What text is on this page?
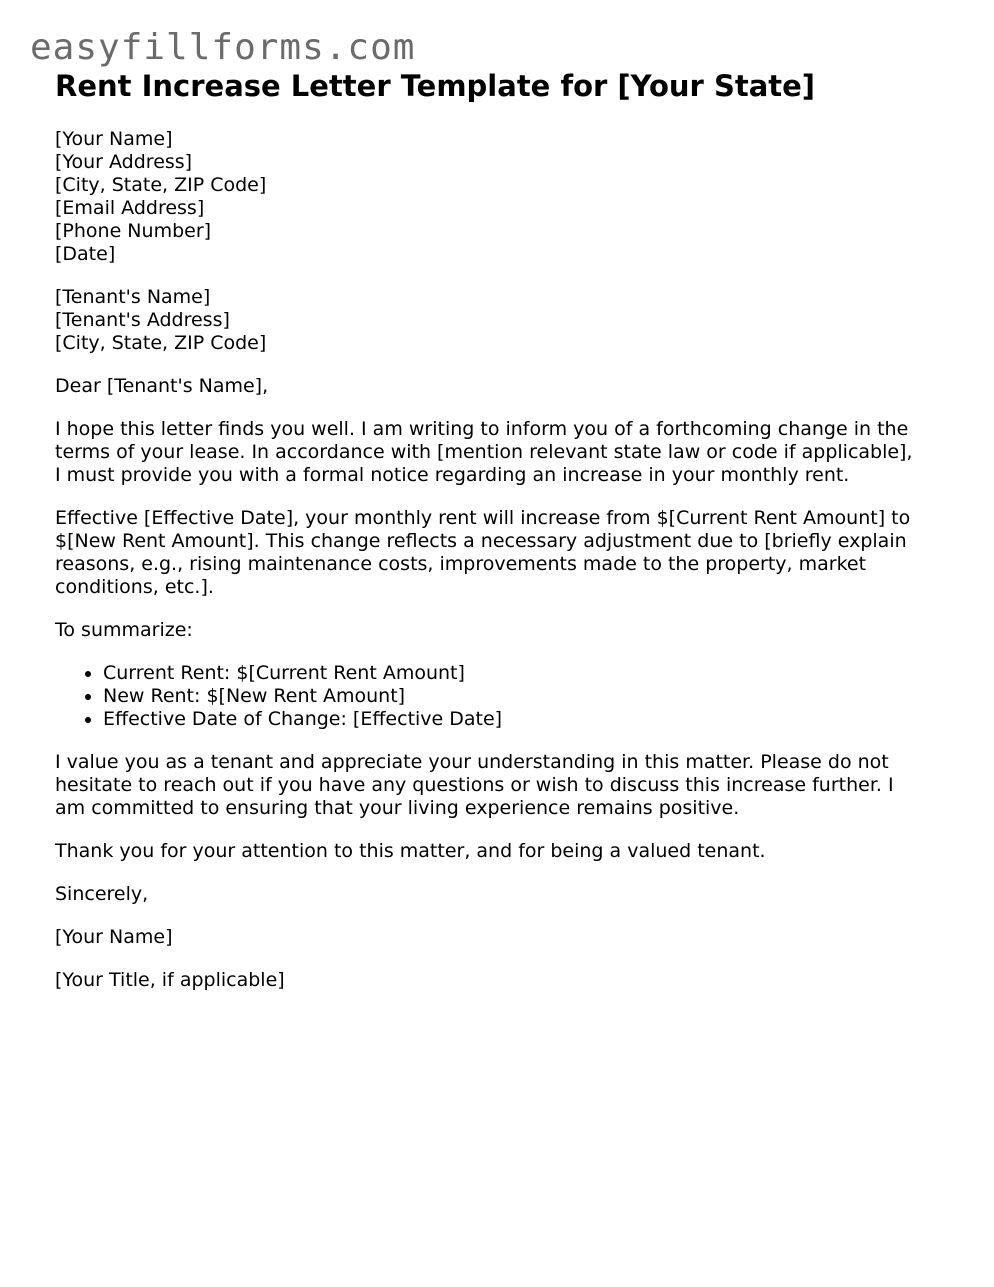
easyfillforms.com
Rent Increase Letter Template for [Your State]

[Your Name]
[Your Address]
[City, State, ZIP Code]
[Email Address]
[Phone Number]
[Date]

[Tenant's Name]
[Tenant's Address]
[City, State, ZIP Code]

Dear [Tenant's Name],

I hope this letter finds you well. I am writing to inform you of a forthcoming change in the
terms of your lease. In accordance with [mention relevant state law or code if applicable],
I must provide you with a formal notice regarding an increase in your monthly rent.

Effective [Effective Date], your monthly rent will increase from $[Current Rent Amount] to
$[New Rent Amount]. This change reflects a necessary adjustment due to [briefly explain
reasons, e.g., rising maintenance costs, improvements made to the property, market
conditions, etc.].

To summarize:

• Current Rent: $[Current Rent Amount]
• New Rent: $[New Rent Amount]
• Effective Date of Change: [Effective Date]

I value you as a tenant and appreciate your understanding in this matter. Please do not
hesitate to reach out if you have any questions or wish to discuss this increase further. I
am committed to ensuring that your living experience remains positive.

Thank you for your attention to this matter, and for being a valued tenant.

Sincerely,

[Your Name]

[Your Title, if applicable]
